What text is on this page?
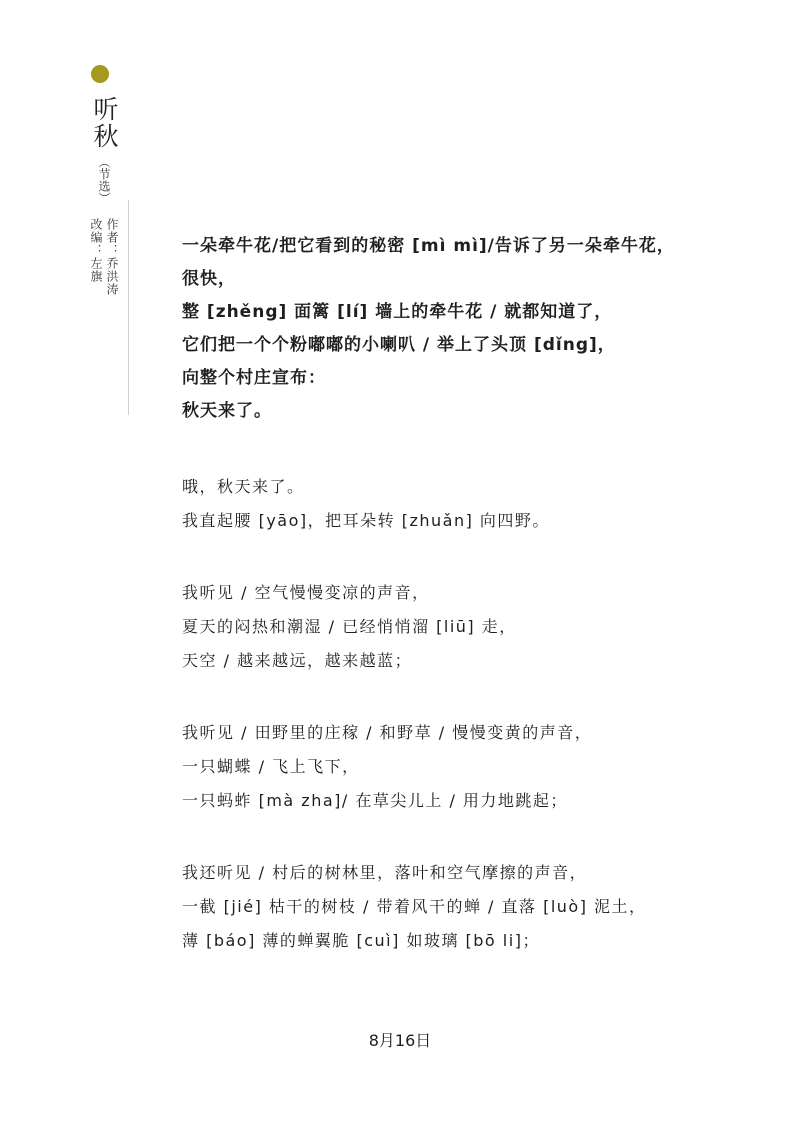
听秋
（节选）
作者：乔洪涛
改编：左旗	一朵牵牛花/把它看到的秘密 [mì mì]/告诉了另一朵牵牛花，
很快，
整 [zhěng] 面篱 [lí] 墙上的牵牛花 / 就都知道了，
它们把一个个粉嘟嘟的小喇叭 / 举上了头顶 [dǐng]，
向整个村庄宣布：
秋天来了。
哦，秋天来了。
我直起腰 [yāo]，把耳朵转 [zhuǎn] 向四野。
我听见 / 空气慢慢变凉的声音，
夏天的闷热和潮湿 / 已经悄悄溜 [liū] 走，
天空 / 越来越远，越来越蓝；
我听见 / 田野里的庄稼 / 和野草 / 慢慢变黄的声音，
一只蝴蝶 / 飞上飞下，
一只蚂蚱 [mà zha]/ 在草尖儿上 / 用力地跳起；
我还听见 / 村后的树林里，落叶和空气摩擦的声音，
一截 [jié] 枯干的树枝 / 带着风干的蝉 / 直落 [luò] 泥土，
薄 [báo] 薄的蝉翼脆 [cuì] 如玻璃 [bō li]；
8月16日
